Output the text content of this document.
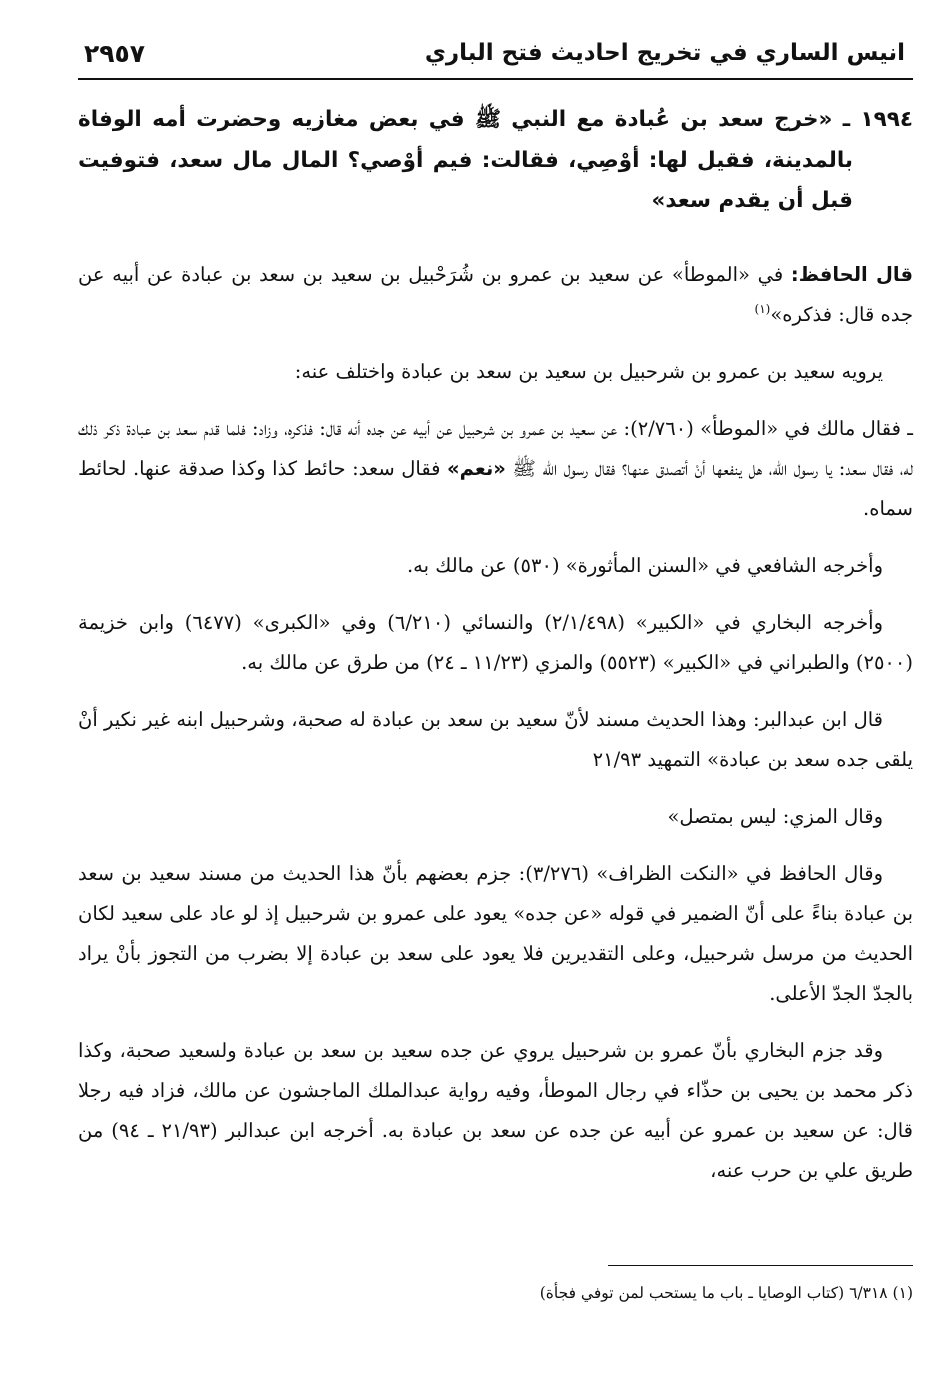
انيس الساري في تخريج احاديث فتح الباري
٢٩٥٧

١٩٩٤ ـ «خرج سعد بن عُبادة مع النبي ﷺ في بعض مغازيه وحضرت أمه الوفاة بالمدينة، فقيل لها: أوْصِي، فقالت: فيم أوْصي؟ المال مال سعد، فتوفيت قبل أن يقدم سعد»

قال الحافظ: في «الموطأ» عن سعيد بن عمرو بن شُرَحْبيل بن سعيد بن سعد بن عبادة عن أبيه عن جده قال: فذكره»$^{(١)}$

يرويه سعيد بن عمرو بن شرحبيل بن سعيد بن سعد بن عبادة واختلف عنه:

ـ فقال مالك في «الموطأ» (٢/٧٦٠): عن سعيد بن عمرو بن شرحبيل عن أبيه عن جده أنه قال: فذكره، وزاد: فلما قدم سعد بن عبادة ذكر ذلك له، فقال سعد: يا رسول الله، هل ينفعها أنْ أتصدق عنها؟ فقال رسول الله ﷺ «نعم» فقال سعد: حائط كذا وكذا صدقة عنها. لحائط سماه.

وأخرجه الشافعي في «السنن المأثورة» (٥٣٠) عن مالك به.

وأخرجه البخاري في «الكبير» (٢/١/٤٩٨) والنسائي (٦/٢١٠) وفي «الكبرى» (٦٤٧٧) وابن خزيمة (٢٥٠٠) والطبراني في «الكبير» (٥٥٢٣) والمزي (١١/٢٣ ـ ٢٤) من طرق عن مالك به.

قال ابن عبدالبر: وهذا الحديث مسند لأنّ سعيد بن سعد بن عبادة له صحبة، وشرحبيل ابنه غير نكير أنْ يلقى جده سعد بن عبادة» التمهيد ٢١/٩٣

وقال المزي: ليس بمتصل»

وقال الحافظ في «النكت الظراف» (٣/٢٧٦): جزم بعضهم بأنّ هذا الحديث من مسند سعيد بن سعد بن عبادة بناءً على أنّ الضمير في قوله «عن جده» يعود على عمرو بن شرحبيل إذ لو عاد على سعيد لكان الحديث من مرسل شرحبيل، وعلى التقديرين فلا يعود على سعد بن عبادة إلا بضرب من التجوز بأنْ يراد بالجدّ الجدّ الأعلى.

وقد جزم البخاري بأنّ عمرو بن شرحبيل يروي عن جده سعيد بن سعد بن عبادة ولسعيد صحبة، وكذا ذكر محمد بن يحيى بن حذّاء في رجال الموطأ، وفيه رواية عبدالملك الماجشون عن مالك، فزاد فيه رجلا قال: عن سعيد بن عمرو عن أبيه عن جده عن سعد بن عبادة به. أخرجه ابن عبدالبر (٢١/٩٣ ـ ٩٤) من طريق علي بن حرب عنه،

(١) ٦/٣١٨ (كتاب الوصايا ـ باب ما يستحب لمن توفي فجأة)
